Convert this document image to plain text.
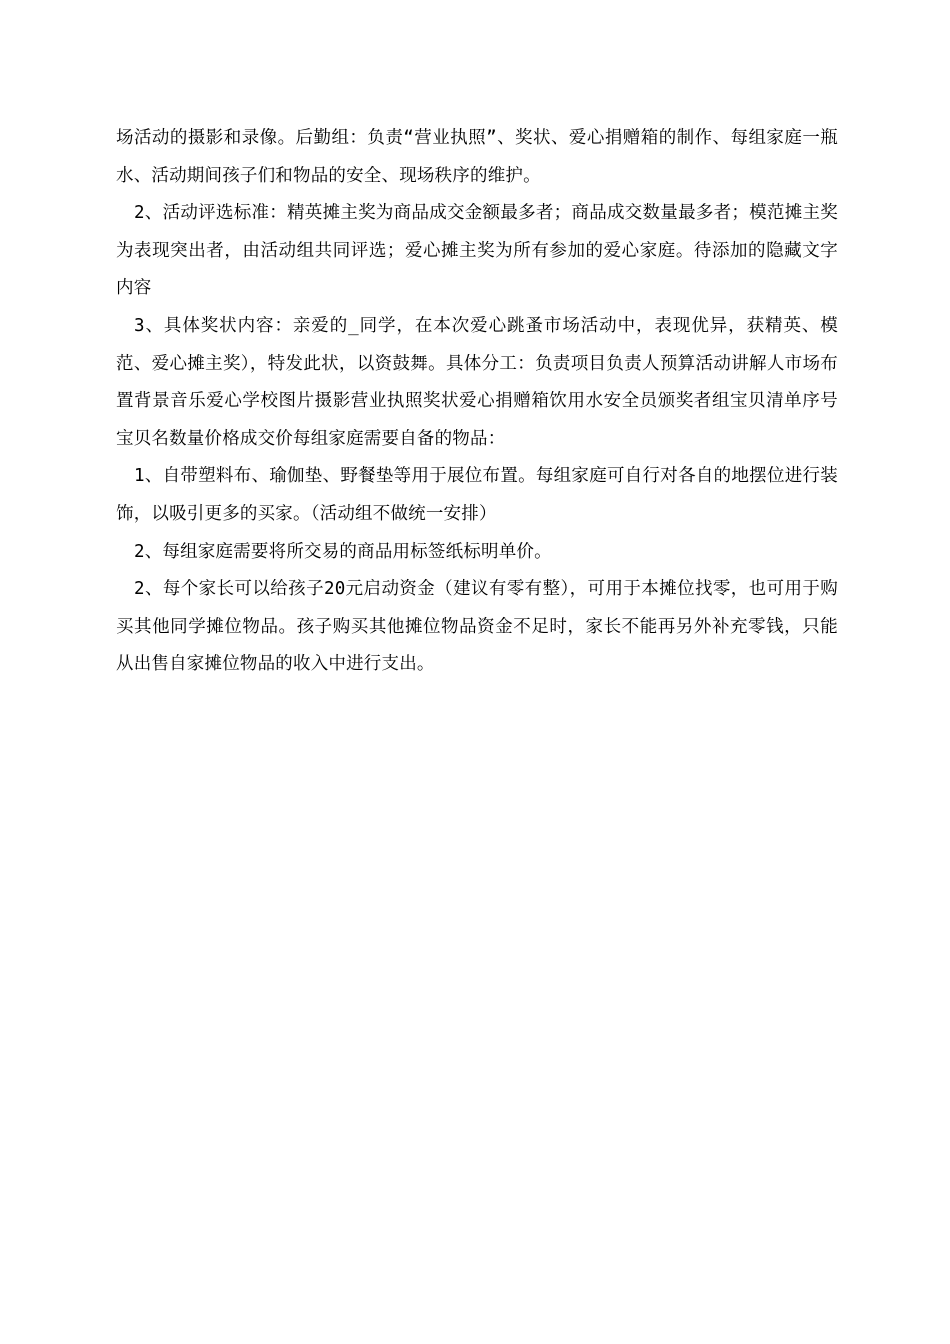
场活动的摄影和录像。后勤组：负责“营业执照”、奖状、爱心捐赠箱的制作、每组家庭一瓶水、活动期间孩子们和物品的安全、现场秩序的维护。

2、活动评选标准：精英摊主奖为商品成交金额最多者；商品成交数量最多者；模范摊主奖为表现突出者，由活动组共同评选；爱心摊主奖为所有参加的爱心家庭。待添加的隐藏文字内容

3、具体奖状内容：亲爱的_同学，在本次爱心跳蚤市场活动中，表现优异，获精英、模范、爱心摊主奖），特发此状，以资鼓舞。具体分工：负责项目负责人预算活动讲解人市场布置背景音乐爱心学校图片摄影营业执照奖状爱心捐赠箱饮用水安全员颁奖者组宝贝清单序号宝贝名数量价格成交价每组家庭需要自备的物品：

1、自带塑料布、瑜伽垫、野餐垫等用于展位布置。每组家庭可自行对各自的地摆位进行装饰，以吸引更多的买家。（活动组不做统一安排）

2、每组家庭需要将所交易的商品用标签纸标明单价。

2、每个家长可以给孩子20元启动资金（建议有零有整），可用于本摊位找零，也可用于购买其他同学摊位物品。孩子购买其他摊位物品资金不足时，家长不能再另外补充零钱，只能从出售自家摊位物品的收入中进行支出。
